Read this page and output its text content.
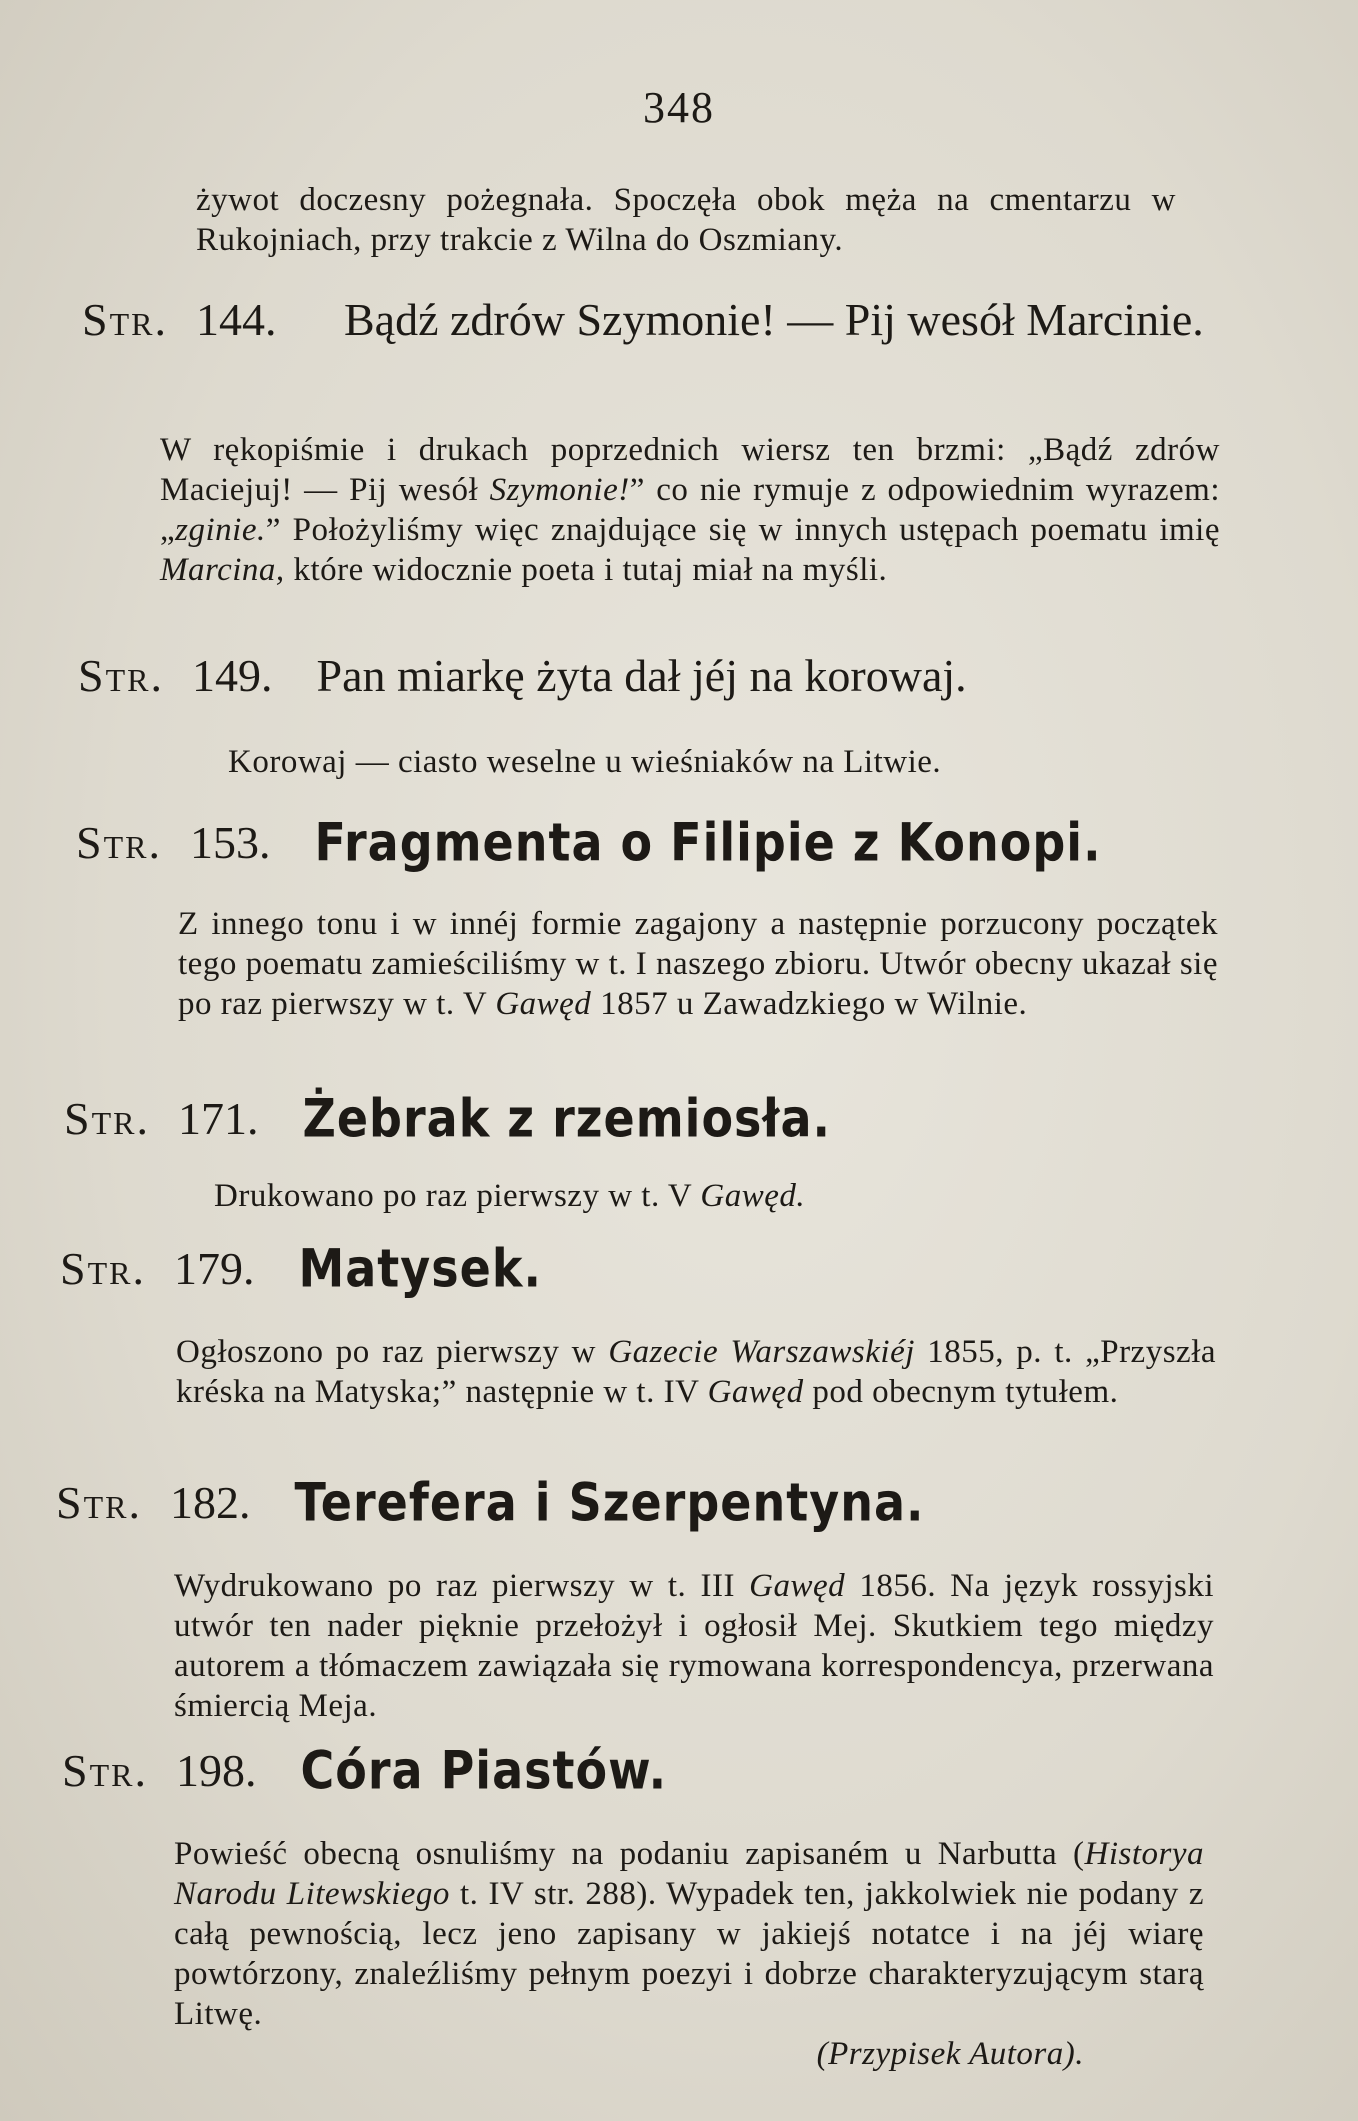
348
żywot doczesny pożegnała. Spoczęła obok męża na cmentarzu w Rukojniach, przy trakcie z Wilna do Oszmiany.
Str. 144.	Bądź zdrów Szymonie! — Pij wesół Marcinie.
W rękopiśmie i drukach poprzednich wiersz ten brzmi: „Bądź zdrów Maciejuj! — Pij wesół Szymonie!” co nie rymuje z odpowiednim wyrazem: „zginie.” Położyliśmy więc znajdujące się w innych ustępach poematu imię Marcina, które widocznie poeta i tutaj miał na myśli.
Str. 149. Pan miarkę żyta dał jéj na korowaj.
Korowaj — ciasto weselne u wieśniaków na Litwie.
Str. 153. Fragmenta o Filipie z Konopi.
Z innego tonu i w innéj formie zagajony a następnie porzucony początek tego poematu zamieściliśmy w t. I naszego zbioru. Utwór obecny ukazał się po raz pierwszy w t. V Gawęd 1857 u Zawadzkiego w Wilnie.
Str. 171. Żebrak z rzemiosła.
Drukowano po raz pierwszy w t. V Gawęd.
Str. 179. Matysek.
Ogłoszono po raz pierwszy w Gazecie Warszawskiéj 1855, p. t. „Przyszła kréska na Matyska;” następnie w t. IV Gawęd pod obecnym tytułem.
Str. 182. Terefera i Szerpentyna.
Wydrukowano po raz pierwszy w t. III Gawęd 1856. Na język rossyjski utwór ten nader pięknie przełożył i ogłosił Mej. Skutkiem tego między autorem a tłómaczem zawiązała się rymowana korrespondencya, przerwana śmiercią Meja.
Str. 198. Córa Piastów.
Powieść obecną osnuliśmy na podaniu zapisaném u Narbutta (Historya Narodu Litewskiego t. IV str. 288). Wypadek ten, jakkolwiek nie podany z całą pewnością, lecz jeno zapisany w jakiejś notatce i na jéj wiarę powtórzony, znaleźliśmy pełnym poezyi i dobrze charakteryzującym starą Litwę.
(Przypisek Autora).
